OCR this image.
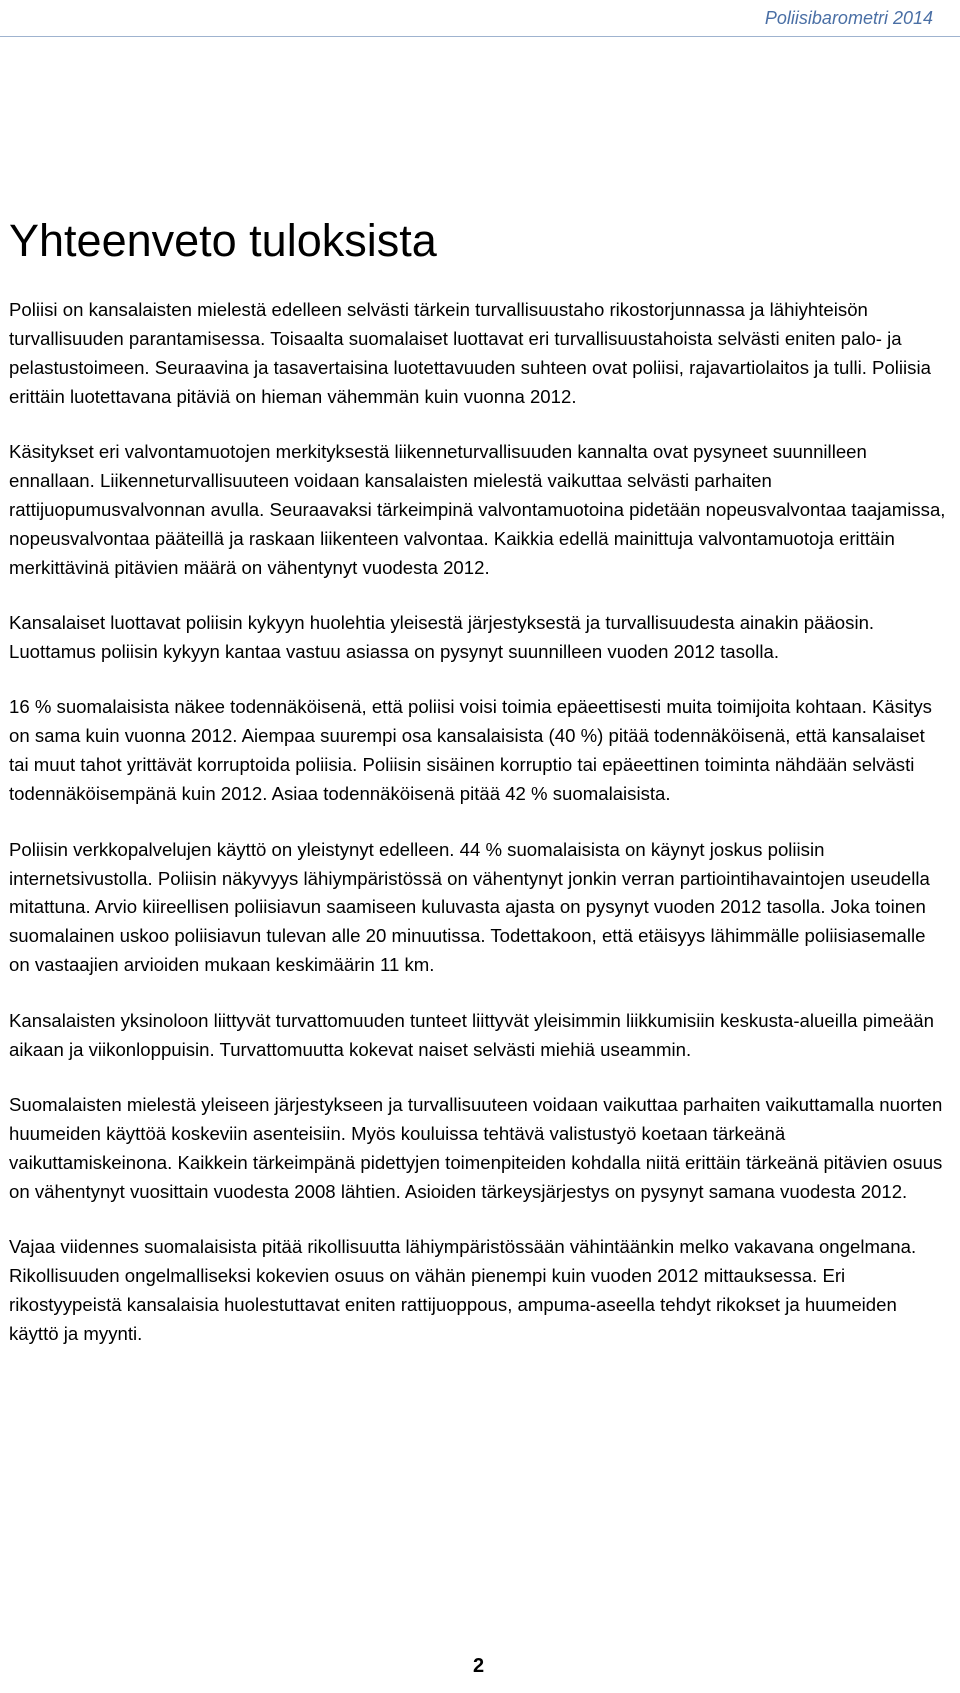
Poliisibarometri 2014
Yhteenveto tuloksista

Poliisi on kansalaisten mielestä edelleen selvästi tärkein turvallisuustaho rikostorjunnassa ja lähiyhteisön turvallisuuden parantamisessa. Toisaalta suomalaiset luottavat eri turvallisuustahoista selvästi eniten palo- ja pelastustoimeen. Seuraavina ja tasavertaisina luotettavuuden suhteen ovat poliisi, rajavartiolaitos ja tulli. Poliisia erittäin luotettavana pitäviä on hieman vähemmän kuin vuonna 2012.

Käsitykset eri valvontamuotojen merkityksestä liikenneturvallisuuden kannalta ovat pysyneet suunnilleen ennallaan. Liikenneturvallisuuteen voidaan kansalaisten mielestä vaikuttaa selvästi parhaiten rattijuopumusvalvonnan avulla. Seuraavaksi tärkeimpinä valvontamuotoina pidetään nopeusvalvontaa taajamissa, nopeusvalvontaa pääteillä ja raskaan liikenteen valvontaa. Kaikkia edellä mainittuja valvontamuotoja erittäin merkittävinä pitävien määrä on vähentynyt vuodesta 2012.

Kansalaiset luottavat poliisin kykyyn huolehtia yleisestä järjestyksestä ja turvallisuudesta ainakin pääosin. Luottamus poliisin kykyyn kantaa vastuu asiassa on pysynyt suunnilleen vuoden 2012 tasolla.

16 % suomalaisista näkee todennäköisenä, että poliisi voisi toimia epäeettisesti muita toimijoita kohtaan. Käsitys on sama kuin vuonna 2012. Aiempaa suurempi osa kansalaisista (40 %) pitää todennäköisenä, että kansalaiset tai muut tahot yrittävät korruptoida poliisia. Poliisin sisäinen korruptio tai epäeettinen toiminta nähdään selvästi todennäköisempänä kuin 2012. Asiaa todennäköisenä pitää 42 % suomalaisista.

Poliisin verkkopalvelujen käyttö on yleistynyt edelleen. 44 % suomalaisista on käynyt joskus poliisin internetsivustolla. Poliisin näkyvyys lähiympäristössä on vähentynyt jonkin verran partiointihavaintojen useudella mitattuna. Arvio kiireellisen poliisiavun saamiseen kuluvasta ajasta on pysynyt vuoden 2012 tasolla. Joka toinen suomalainen uskoo poliisiavun tulevan alle 20 minuutissa. Todettakoon, että etäisyys lähimmälle poliisiasemalle on vastaajien arvioiden mukaan keskimäärin 11 km.

Kansalaisten yksinoloon liittyvät turvattomuuden tunteet liittyvät yleisimmin liikkumisiin keskusta-alueilla pimeään aikaan ja viikonloppuisin. Turvattomuutta kokevat naiset selvästi miehiä useammin.

Suomalaisten mielestä yleiseen järjestykseen ja turvallisuuteen voidaan vaikuttaa parhaiten vaikuttamalla nuorten huumeiden käyttöä koskeviin asenteisiin. Myös kouluissa tehtävä valistustyö koetaan tärkeänä vaikuttamiskeinona. Kaikkein tärkeimpänä pidettyjen toimenpiteiden kohdalla niitä erittäin tärkeänä pitävien osuus on vähentynyt vuosittain vuodesta 2008 lähtien. Asioiden tärkeysjärjestys on pysynyt samana vuodesta 2012.

Vajaa viidennes suomalaisista pitää rikollisuutta lähiympäristössään vähintäänkin melko vakavana ongelmana. Rikollisuuden ongelmalliseksi kokevien osuus on vähän pienempi kuin vuoden 2012 mittauksessa. Eri rikostyypeistä kansalaisia huolestuttavat eniten rattijuoppous, ampuma-aseella tehdyt rikokset ja huumeiden käyttö ja myynti.

2
